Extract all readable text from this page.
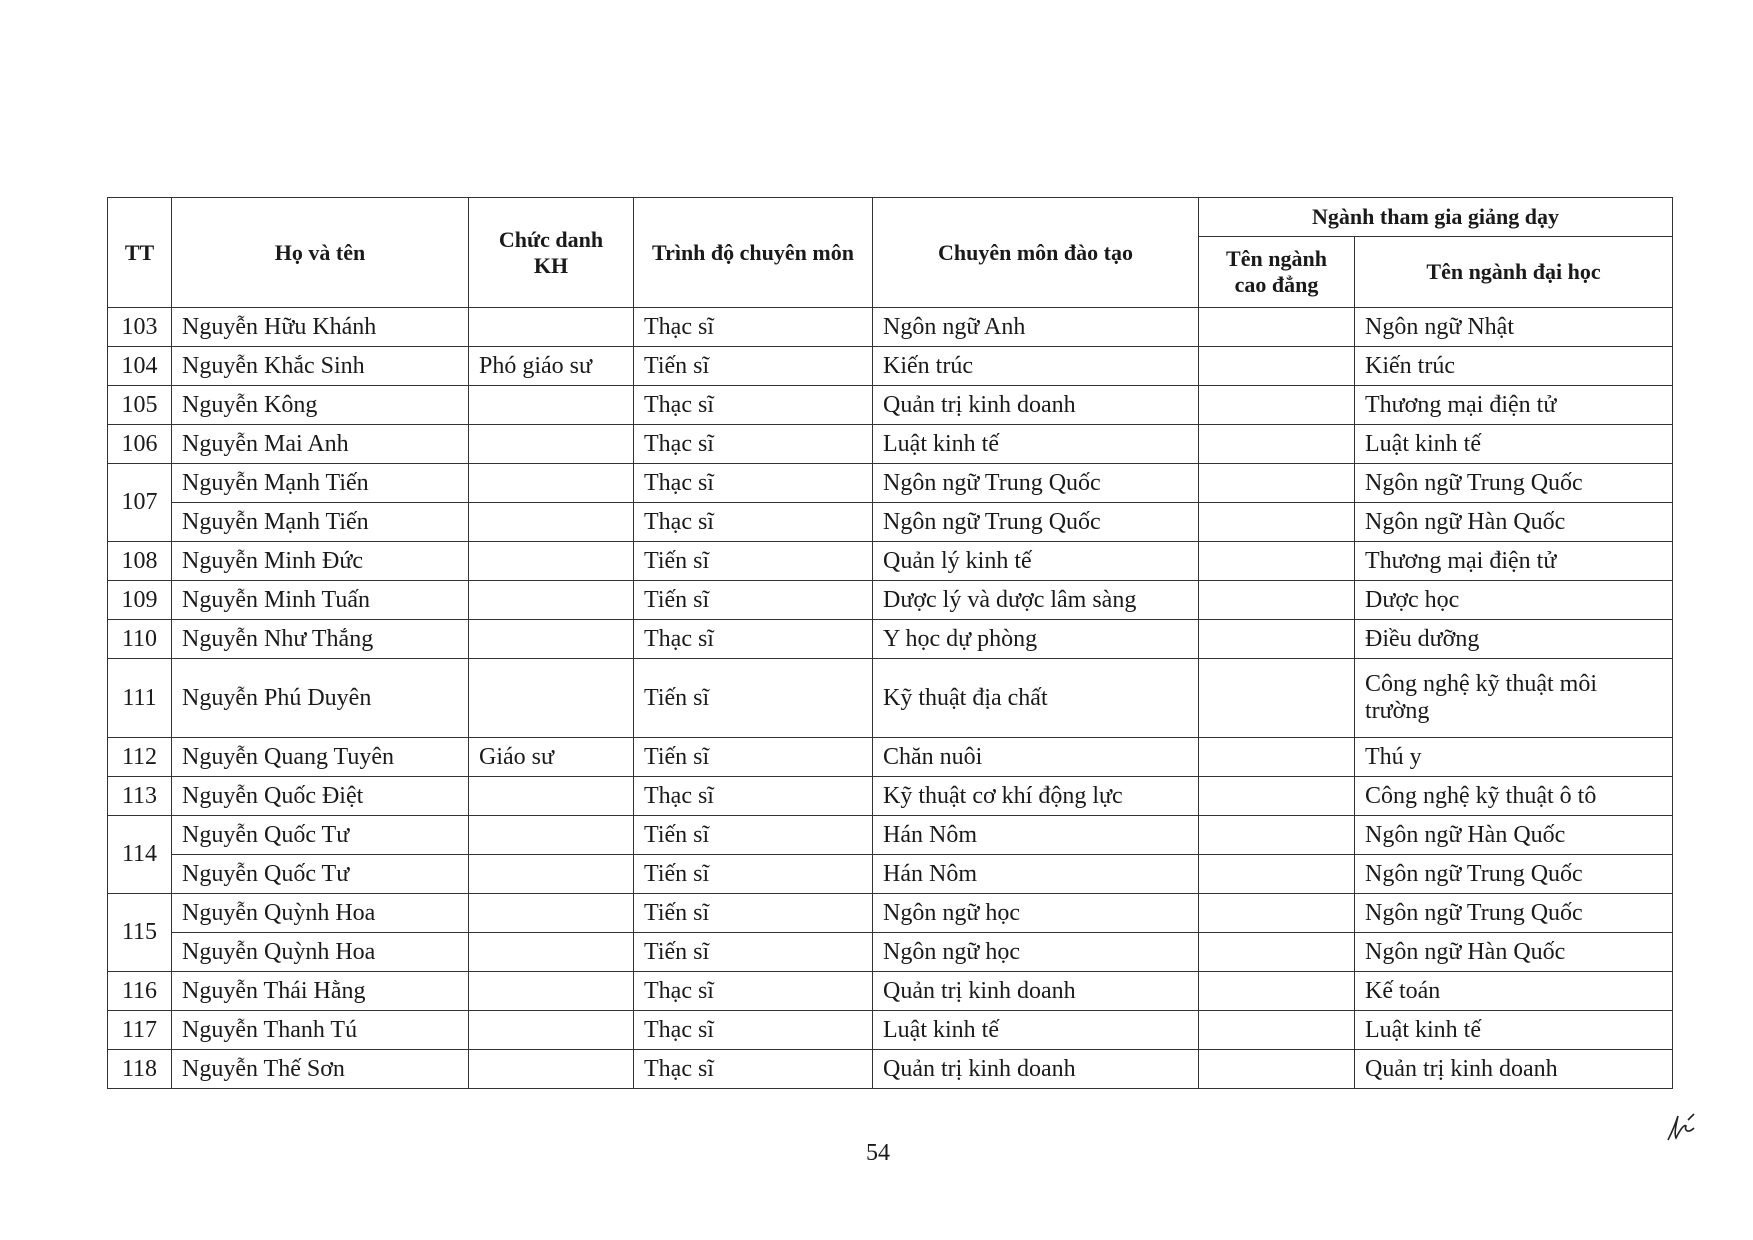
TT	Họ và tên	Chức danh KH	Trình độ chuyên môn	Chuyên môn đào tạo	Ngành tham gia giảng dạy	
					Tên ngành cao đẳng	Tên ngành đại học
103	Nguyễn Hữu Khánh		Thạc sĩ	Ngôn ngữ Anh		Ngôn ngữ Nhật
104	Nguyễn Khắc Sinh	Phó giáo sư	Tiến sĩ	Kiến trúc		Kiến trúc
105	Nguyễn Kông		Thạc sĩ	Quản trị kinh doanh		Thương mại điện tử
106	Nguyễn Mai Anh		Thạc sĩ	Luật kinh tế		Luật kinh tế
107	Nguyễn Mạnh Tiến		Thạc sĩ	Ngôn ngữ Trung Quốc		Ngôn ngữ Trung Quốc
	Nguyễn Mạnh Tiến		Thạc sĩ	Ngôn ngữ Trung Quốc		Ngôn ngữ Hàn Quốc
108	Nguyễn Minh Đức		Tiến sĩ	Quản lý kinh tế		Thương mại điện tử
109	Nguyễn Minh Tuấn		Tiến sĩ	Dược lý và dược lâm sàng		Dược học
110	Nguyễn Như Thắng		Thạc sĩ	Y học dự phòng		Điều dưỡng
111	Nguyễn Phú Duyên		Tiến sĩ	Kỹ thuật địa chất		Công nghệ kỹ thuật môi trường
112	Nguyễn Quang Tuyên	Giáo sư	Tiến sĩ	Chăn nuôi		Thú y
113	Nguyễn Quốc Điệt		Thạc sĩ	Kỹ thuật cơ khí động lực		Công nghệ kỹ thuật ô tô
114	Nguyễn Quốc Tư		Tiến sĩ	Hán Nôm		Ngôn ngữ Hàn Quốc
	Nguyễn Quốc Tư		Tiến sĩ	Hán Nôm		Ngôn ngữ Trung Quốc
115	Nguyễn Quỳnh Hoa		Tiến sĩ	Ngôn ngữ học		Ngôn ngữ Trung Quốc
	Nguyễn Quỳnh Hoa		Tiến sĩ	Ngôn ngữ học		Ngôn ngữ Hàn Quốc
116	Nguyễn Thái Hằng		Thạc sĩ	Quản trị kinh doanh		Kế toán
117	Nguyễn Thanh Tú		Thạc sĩ	Luật kinh tế		Luật kinh tế
118	Nguyễn Thế Sơn		Thạc sĩ	Quản trị kinh doanh		Quản trị kinh doanh
54
